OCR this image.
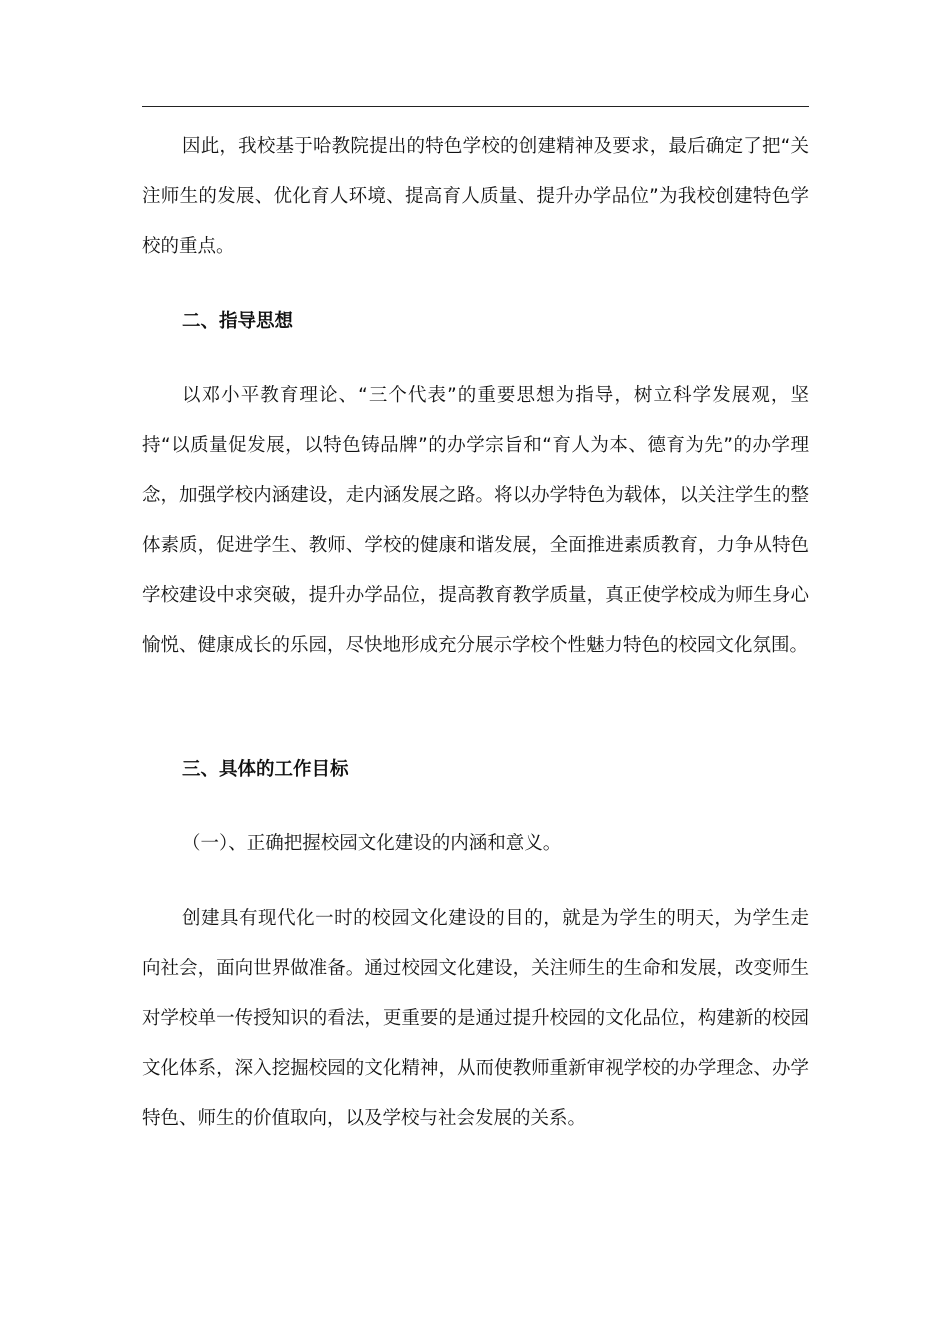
因此，我校基于哈教院提出的特色学校的创建精神及要求，最后确定了把“关注师生的发展、优化育人环境、提高育人质量、提升办学品位”为我校创建特色学校的重点。

二、指导思想

以邓小平教育理论、“三个代表”的重要思想为指导，树立科学发展观，坚持“以质量促发展，以特色铸品牌”的办学宗旨和“育人为本、德育为先”的办学理念，加强学校内涵建设，走内涵发展之路。将以办学特色为载体，以关注学生的整体素质，促进学生、教师、学校的健康和谐发展，全面推进素质教育，力争从特色学校建设中求突破，提升办学品位，提高教育教学质量，真正使学校成为师生身心愉悦、健康成长的乐园，尽快地形成充分展示学校个性魅力特色的校园文化氛围。

三、具体的工作目标

（一）、正确把握校园文化建设的内涵和意义。

创建具有现代化一时的校园文化建设的目的，就是为学生的明天，为学生走向社会，面向世界做准备。通过校园文化建设，关注师生的生命和发展，改变师生对学校单一传授知识的看法，更重要的是通过提升校园的文化品位，构建新的校园文化体系，深入挖掘校园的文化精神，从而使教师重新审视学校的办学理念、办学特色、师生的价值取向，以及学校与社会发展的关系。
